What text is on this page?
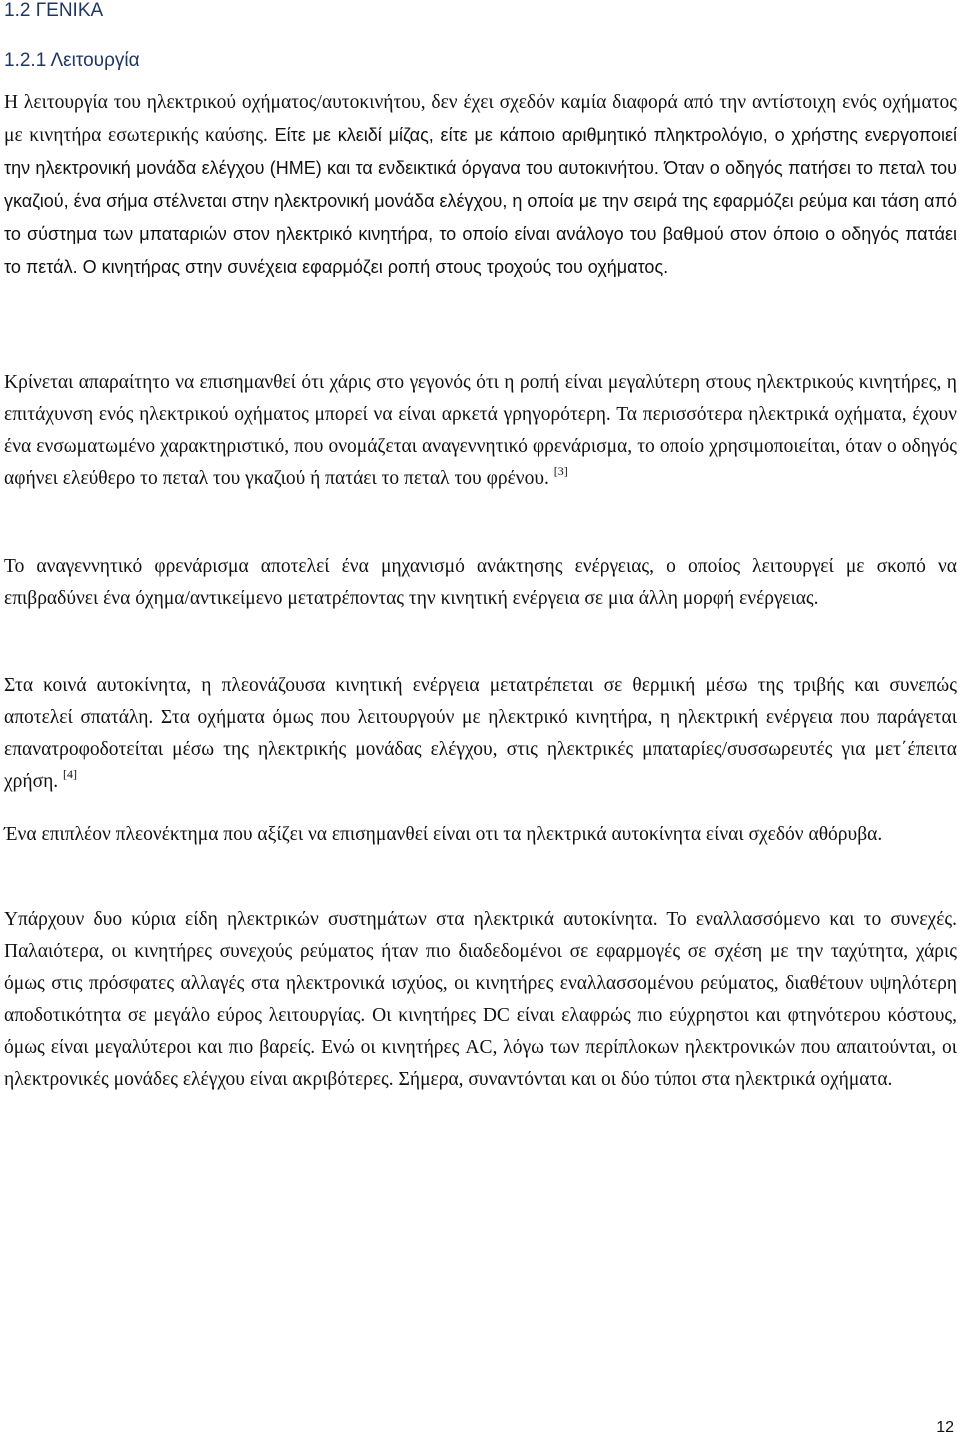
1.2 ΓΕΝΙΚΑ
1.2.1 Λειτουργία

Η λειτουργία του ηλεκτρικού οχήματος/αυτοκινήτου, δεν έχει σχεδόν καμία διαφορά από την αντίστοιχη ενός οχήματος με κινητήρα εσωτερικής καύσης. Είτε με κλειδί μίζας, είτε με κάποιο αριθμητικό πληκτρολόγιο, ο χρήστης ενεργοποιεί την ηλεκτρονική μονάδα ελέγχου (ΗΜΕ) και τα ενδεικτικά όργανα του αυτοκινήτου. Όταν ο οδηγός πατήσει το πεταλ του γκαζιού, ένα σήμα στέλνεται στην ηλεκτρονική μονάδα ελέγχου, η οποία με την σειρά της εφαρμόζει ρεύμα και τάση από το σύστημα των μπαταριών στον ηλεκτρικό κινητήρα, το οποίο είναι ανάλογο του βαθμού στον όποιο ο οδηγός πατάει το πετάλ. Ο κινητήρας στην συνέχεια εφαρμόζει ροπή στους τροχούς του οχήματος.

Κρίνεται απαραίτητο να επισημανθεί ότι χάρις στο γεγονός ότι η ροπή είναι μεγαλύτερη στους ηλεκτρικούς κινητήρες, η επιτάχυνση ενός ηλεκτρικού οχήματος μπορεί να είναι αρκετά γρηγορότερη. Τα περισσότερα ηλεκτρικά οχήματα, έχουν ένα ενσωματωμένο χαρακτηριστικό, που ονομάζεται αναγεννητικό φρενάρισμα, το οποίο χρησιμοποιείται, όταν ο οδηγός αφήνει ελεύθερο το πεταλ του γκαζιού ή πατάει το πεταλ του φρένου. [3]

Το αναγεννητικό φρενάρισμα αποτελεί ένα μηχανισμό ανάκτησης ενέργειας, ο οποίος λειτουργεί με σκοπό να επιβραδύνει ένα όχημα/αντικείμενο μετατρέποντας την κινητική ενέργεια σε μια άλλη μορφή ενέργειας.

Στα κοινά αυτοκίνητα, η πλεονάζουσα κινητική ενέργεια μετατρέπεται σε θερμική μέσω της τριβής και συνεπώς αποτελεί σπατάλη. Στα οχήματα όμως που λειτουργούν με ηλεκτρικό κινητήρα, η ηλεκτρική ενέργεια που παράγεται επανατροφοδοτείται μέσω της ηλεκτρικής μονάδας ελέγχου, στις ηλεκτρικές μπαταρίες/συσσωρευτές για μετ΄έπειτα χρήση. [4]

Ένα επιπλέον πλεονέκτημα που αξίζει να επισημανθεί είναι οτι τα ηλεκτρικά αυτοκίνητα είναι σχεδόν αθόρυβα.

Υπάρχουν δυο κύρια είδη ηλεκτρικών συστημάτων στα ηλεκτρικά αυτοκίνητα. Το εναλλασσόμενο και το συνεχές. Παλαιότερα, οι κινητήρες συνεχούς ρεύματος ήταν πιο διαδεδομένοι σε εφαρμογές σε σχέση με την ταχύτητα, χάρις όμως στις πρόσφατες αλλαγές στα ηλεκτρονικά ισχύος, οι κινητήρες εναλλασσομένου ρεύματος, διαθέτουν υψηλότερη αποδοτικότητα σε μεγάλο εύρος λειτουργίας. Οι κινητήρες DC είναι ελαφρώς πιο εύχρηστοι και φτηνότερου κόστους, όμως είναι μεγαλύτεροι και πιο βαρείς. Ενώ οι κινητήρες AC, λόγω των περίπλοκων ηλεκτρονικών που απαιτούνται, οι ηλεκτρονικές μονάδες ελέγχου είναι ακριβότερες. Σήμερα, συναντόνται και οι δύο τύποι στα ηλεκτρικά οχήματα.

12
